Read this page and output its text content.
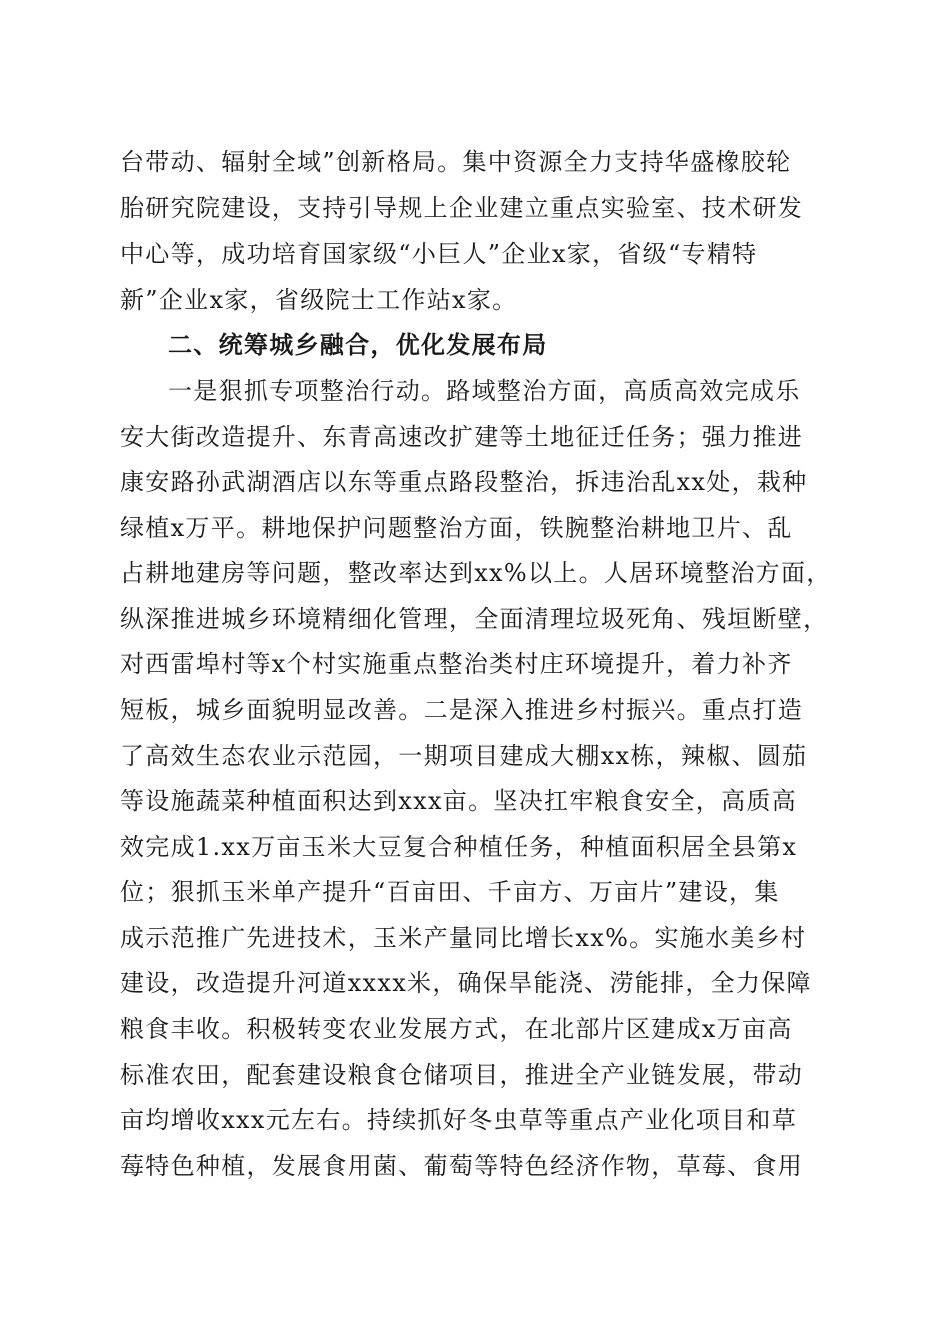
台带动、辐射全域”创新格局。集中资源全力支持华盛橡胶轮
胎研究院建设，支持引导规上企业建立重点实验室、技术研发
中心等，成功培育国家级“小巨人”企业x家，省级“专精特
新”企业x家，省级院士工作站x家。
二、统筹城乡融合，优化发展布局
一是狠抓专项整治行动。路域整治方面，高质高效完成乐
安大街改造提升、东青高速改扩建等土地征迁任务；强力推进
康安路孙武湖酒店以东等重点路段整治，拆违治乱xx处，栽种
绿植x万平。耕地保护问题整治方面，铁腕整治耕地卫片、乱
占耕地建房等问题，整改率达到xx%以上。人居环境整治方面，
纵深推进城乡环境精细化管理，全面清理垃圾死角、残垣断壁，
对西雷埠村等x个村实施重点整治类村庄环境提升，着力补齐
短板，城乡面貌明显改善。二是深入推进乡村振兴。重点打造
了高效生态农业示范园，一期项目建成大棚xx栋，辣椒、圆茄
等设施蔬菜种植面积达到xxx亩。坚决扛牢粮食安全，高质高
效完成1.xx万亩玉米大豆复合种植任务，种植面积居全县第x
位；狠抓玉米单产提升“百亩田、千亩方、万亩片”建设，集
成示范推广先进技术，玉米产量同比增长xx%。实施水美乡村
建设，改造提升河道xxxx米，确保旱能浇、涝能排，全力保障
粮食丰收。积极转变农业发展方式，在北部片区建成x万亩高
标准农田，配套建设粮食仓储项目，推进全产业链发展，带动
亩均增收xxx元左右。持续抓好冬虫草等重点产业化项目和草
莓特色种植，发展食用菌、葡萄等特色经济作物，草莓、食用
